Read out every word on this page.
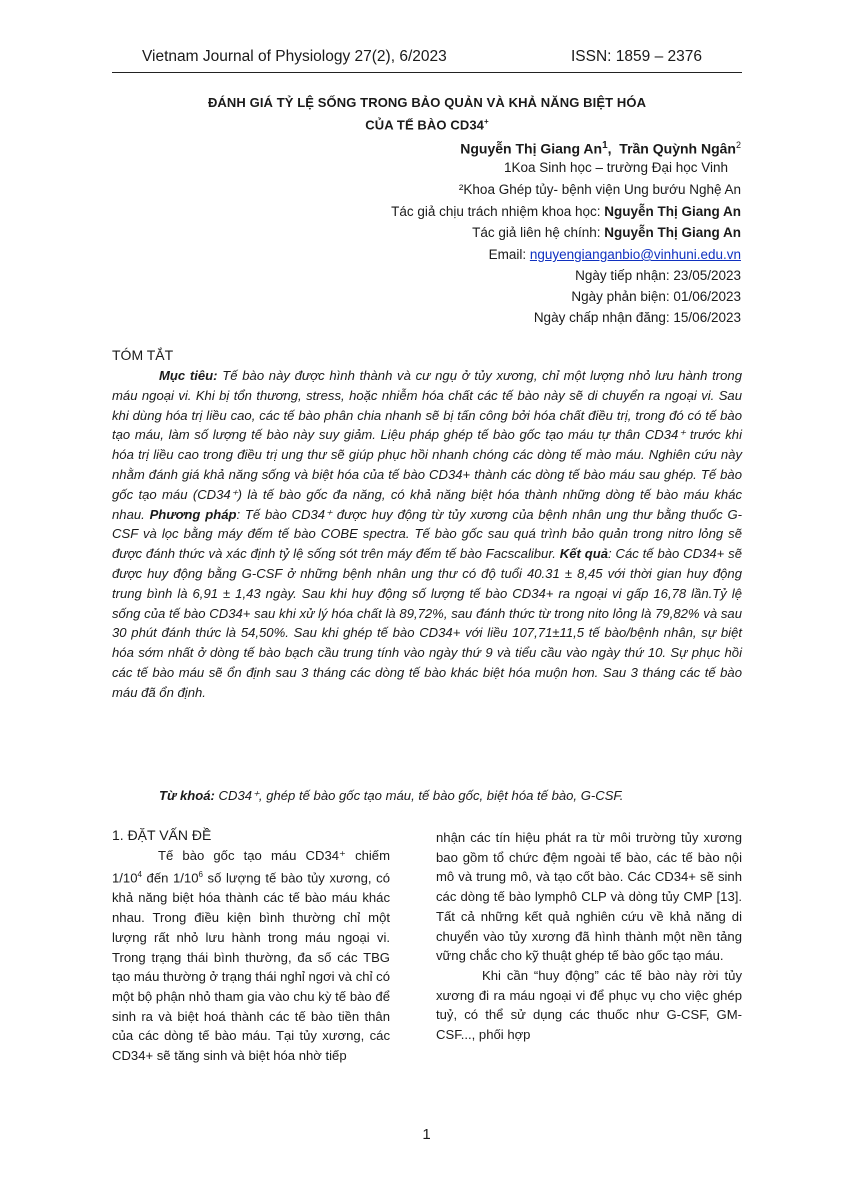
Vietnam Journal of Physiology 27(2), 6/2023	ISSN: 1859 – 2376
ĐÁNH GIÁ TỶ LỆ SỐNG TRONG BẢO QUẢN VÀ KHẢ NĂNG BIỆT HÓA
CỦA TẾ BÀO CD34+
Nguyễn Thị Giang An$^1$, Trần Quỳnh Ngân$^2$
1Koa Sinh học – trường Đại học Vinh
²Khoa Ghép tủy- bệnh viện Ung bướu Nghệ An
Tác giả chịu trách nhiệm khoa học: Nguyễn Thị Giang An
Tác giả liên hệ chính: Nguyễn Thị Giang An
Email: nguyengianganbio@vinhuni.edu.vn
Ngày tiếp nhận: 23/05/2023
Ngày phản biện: 01/06/2023
Ngày chấp nhận đăng: 15/06/2023
TÓM TẮT

Mục tiêu: Tế bào này được hình thành và cư ngụ ở tủy xương, chỉ một lượng nhỏ lưu hành trong máu ngoại vi. Khi bị tổn thương, stress, hoặc nhiễm hóa chất các tế bào này sẽ di chuyển ra ngoại vi. Sau khi dùng hóa trị liều cao, các tế bào phân chia nhanh sẽ bị tấn công bởi hóa chất điều trị, trong đó có tế bào tạo máu, làm số lượng tế bào này suy giảm. Liệu pháp ghép tế bào gốc tạo máu tự thân CD34⁺ trước khi hóa trị liều cao trong điều trị ung thư sẽ giúp phục hồi nhanh chóng các dòng tế mào máu. Nghiên cứu này nhằm đánh giá khả năng sống và biệt hóa của tế bào CD34+ thành các dòng tế bào máu sau ghép. Tế bào gốc tạo máu (CD34⁺) là tế bào gốc đa năng, có khả năng biệt hóa thành những dòng tế bào máu khác nhau. Phương pháp: Tế bào CD34⁺ được huy động từ tủy xương của bệnh nhân ung thư bằng thuốc G-CSF và lọc bằng máy đếm tế bào COBE spectra. Tế bào gốc sau quá trình bảo quản trong nitro lỏng sẽ được đánh thức và xác định tỷ lệ sống sót trên máy đếm tế bào Facscalibur. Kết quả: Các tế bào CD34+ sẽ được huy động bằng G-CSF ở những bệnh nhân ung thư có độ tuổi 40.31 ± 8,45 với thời gian huy động trung bình là 6,91 ± 1,43 ngày. Sau khi huy động số lượng tế bào CD34+ ra ngoại vi gấp 16,78 lần.Tỷ lệ sống của tế bào CD34+ sau khi xử lý hóa chất là 89,72%, sau đánh thức từ trong nito lỏng là 79,82% và sau 30 phút đánh thức là 54,50%. Sau khi ghép tế bào CD34+ với liều 107,71±11,5 tế bào/bệnh nhân, sự biệt hóa sớm nhất ở dòng tế bào bạch cầu trung tính vào ngày thứ 9 và tiểu cầu vào ngày thứ 10. Sự phục hồi các tế bào máu sẽ ổn định sau 3 tháng các dòng tế bào khác biệt hóa muộn hơn. Sau 3 tháng các tế bào máu đã ổn định.

Từ khoá: CD34⁺, ghép tế bào gốc tạo máu, tế bào gốc, biệt hóa tế bào, G-CSF.

1. ĐẶT VẤN ĐỀ

Tế bào gốc tạo máu CD34⁺ chiếm $1/10^4$ đến $1/10^6$ số lượng tế bào tủy xương, có khả năng biệt hóa thành các tế bào máu khác nhau. Trong điều kiện bình thường chỉ một lượng rất nhỏ lưu hành trong máu ngoại vi. Trong trạng thái bình thường, đa số các TBG tạo máu thường ở trạng thái nghỉ ngơi và chỉ có một bộ phận nhỏ tham gia vào chu kỳ tế bào để sinh ra và biệt hoá thành các tế bào tiền thân của các dòng tế bào máu. Tại tủy xương, các CD34+ sẽ tăng sinh và biệt hóa nhờ tiếp

nhận các tín hiệu phát ra từ môi trường tủy xương bao gồm tổ chức đệm ngoài tế bào, các tế bào nội mô và trung mô, và tạo cốt bào. Các CD34+ sẽ sinh các dòng tế bào lymphô CLP và dòng tủy CMP [13]. Tất cả những kết quả nghiên cứu về khả năng di chuyển vào tủy xương đã hình thành một nền tảng vững chắc cho kỹ thuật ghép tế bào gốc tạo máu.

Khi cần “huy động” các tế bào này rời tủy xương đi ra máu ngoại vi để phục vụ cho việc ghép tuỷ, có thể sử dụng các thuốc như G-CSF, GM-CSF..., phối hợp

1
